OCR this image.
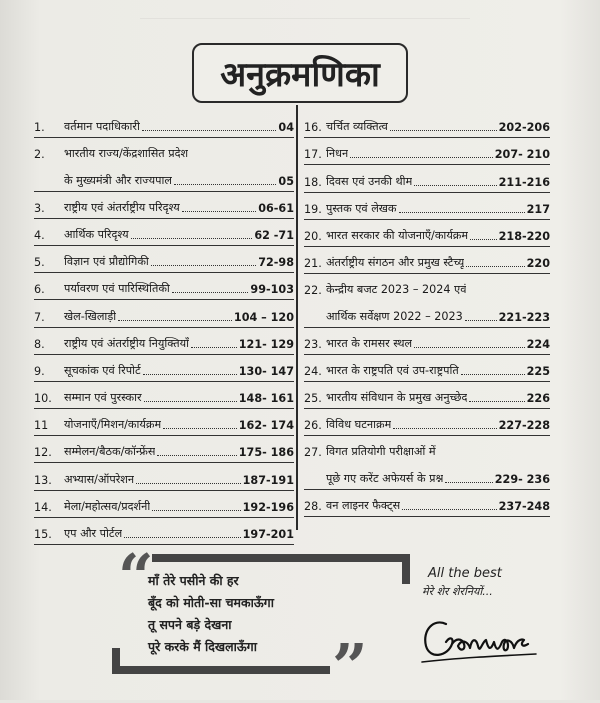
अनुक्रमणिका
1.	वर्तमान पदाधिकारी	04
2.	भारतीय राज्य/केंद्रशासित प्रदेश
के मुख्यमंत्री और राज्यपाल	05
3.	राष्ट्रीय एवं अंतर्राष्ट्रीय परिदृश्य	06-61
4.	आर्थिक परिदृश्य	62 -71
5.	विज्ञान एवं प्रौद्योगिकी	72-98
6.	पर्यावरण एवं पारिस्थितिकी	99-103
7.	खेल-खिलाड़ी	104 – 120
8.	राष्ट्रीय एवं अंतर्राष्ट्रीय नियुक्तियाँ	121- 129
9.	सूचकांक एवं रिपोर्ट	130- 147
10.	सम्मान एवं पुरस्कार	148- 161
11	योजनाएँ/मिशन/कार्यक्रम	162- 174
12.	सम्मेलन/बैठक/कॉन्फ्रेंस	175- 186
13.	अभ्यास/ऑपरेशन	187-191
14.	मेला/महोत्सव/प्रदर्शनी	192-196
15.	एप और पोर्टल	197-201
16. चर्चित व्यक्तित्व	202-206
17. निधन	207- 210
18. दिवस एवं उनकी थीम	211-216
19. पुस्तक एवं लेखक	217
20. भारत सरकार की योजनाएँ/कार्यक्रम	218-220
21. अंतर्राष्ट्रीय संगठन और प्रमुख स्टैच्यू	220
22. केन्द्रीय बजट 2023 – 2024 एवं
आर्थिक सर्वेक्षण 2022 – 2023	221-223
23. भारत के रामसर स्थल	224
24. भारत के राष्ट्रपति एवं उप-राष्ट्रपति	225
25. भारतीय संविधान के प्रमुख अनुच्छेद	226
26. विविध घटनाक्रम	227-228
27. विगत प्रतियोगी परीक्षाओं में
पूछे गए करेंट अफेयर्स के प्रश्न	229- 236
28. वन लाइनर फैक्ट्स	237-248
“
”
माँ तेरे पसीने की हर
बूँद को मोती-सा चमकाऊँगा
तू सपने बड़े देखना
पूरे करके मैं दिखलाऊँगा
All the best
मेरे शेर शेरनियों...
